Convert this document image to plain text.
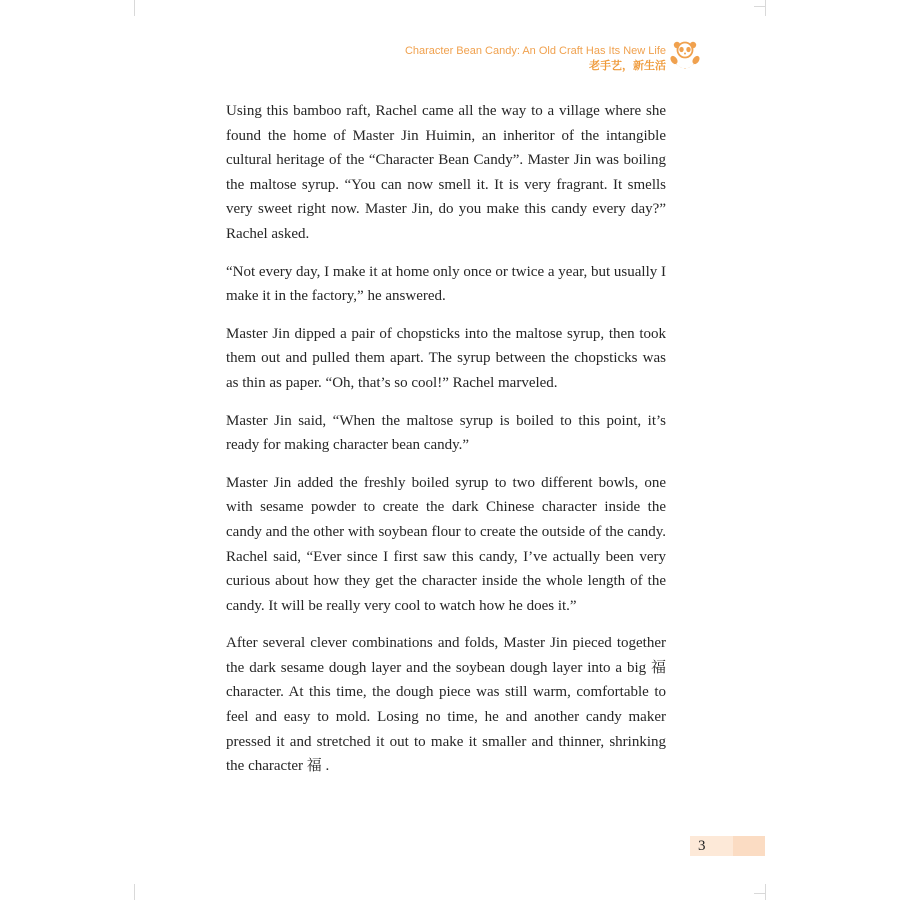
Character Bean Candy: An Old Craft Has Its New Life
老手艺，新生活

Using this bamboo raft, Rachel came all the way to a village where she found the home of Master Jin Huimin, an inheritor of the intangible cultural heritage of the “Character Bean Candy”. Master Jin was boiling the maltose syrup. “You can now smell it. It is very fragrant. It smells very sweet right now. Master Jin, do you make this candy every day?” Rachel asked.

“Not every day, I make it at home only once or twice a year, but usually I make it in the factory,” he answered.

Master Jin dipped a pair of chopsticks into the maltose syrup, then took them out and pulled them apart. The syrup between the chopsticks was as thin as paper. “Oh, that’s so cool!” Rachel marveled.

Master Jin said, “When the maltose syrup is boiled to this point, it’s ready for making character bean candy.”

Master Jin added the freshly boiled syrup to two different bowls, one with sesame powder to create the dark Chinese character inside the candy and the other with soybean flour to create the outside of the candy. Rachel said, “Ever since I first saw this candy, I’ve actually been very curious about how they get the character inside the whole length of the candy. It will be really very cool to watch how he does it.”

After several clever combinations and folds, Master Jin pieced together the dark sesame dough layer and the soybean dough layer into a big 福 character. At this time, the dough piece was still warm, comfortable to feel and easy to mold. Losing no time, he and another candy maker pressed it and stretched it out to make it smaller and thinner, shrinking the character 福 .

3
